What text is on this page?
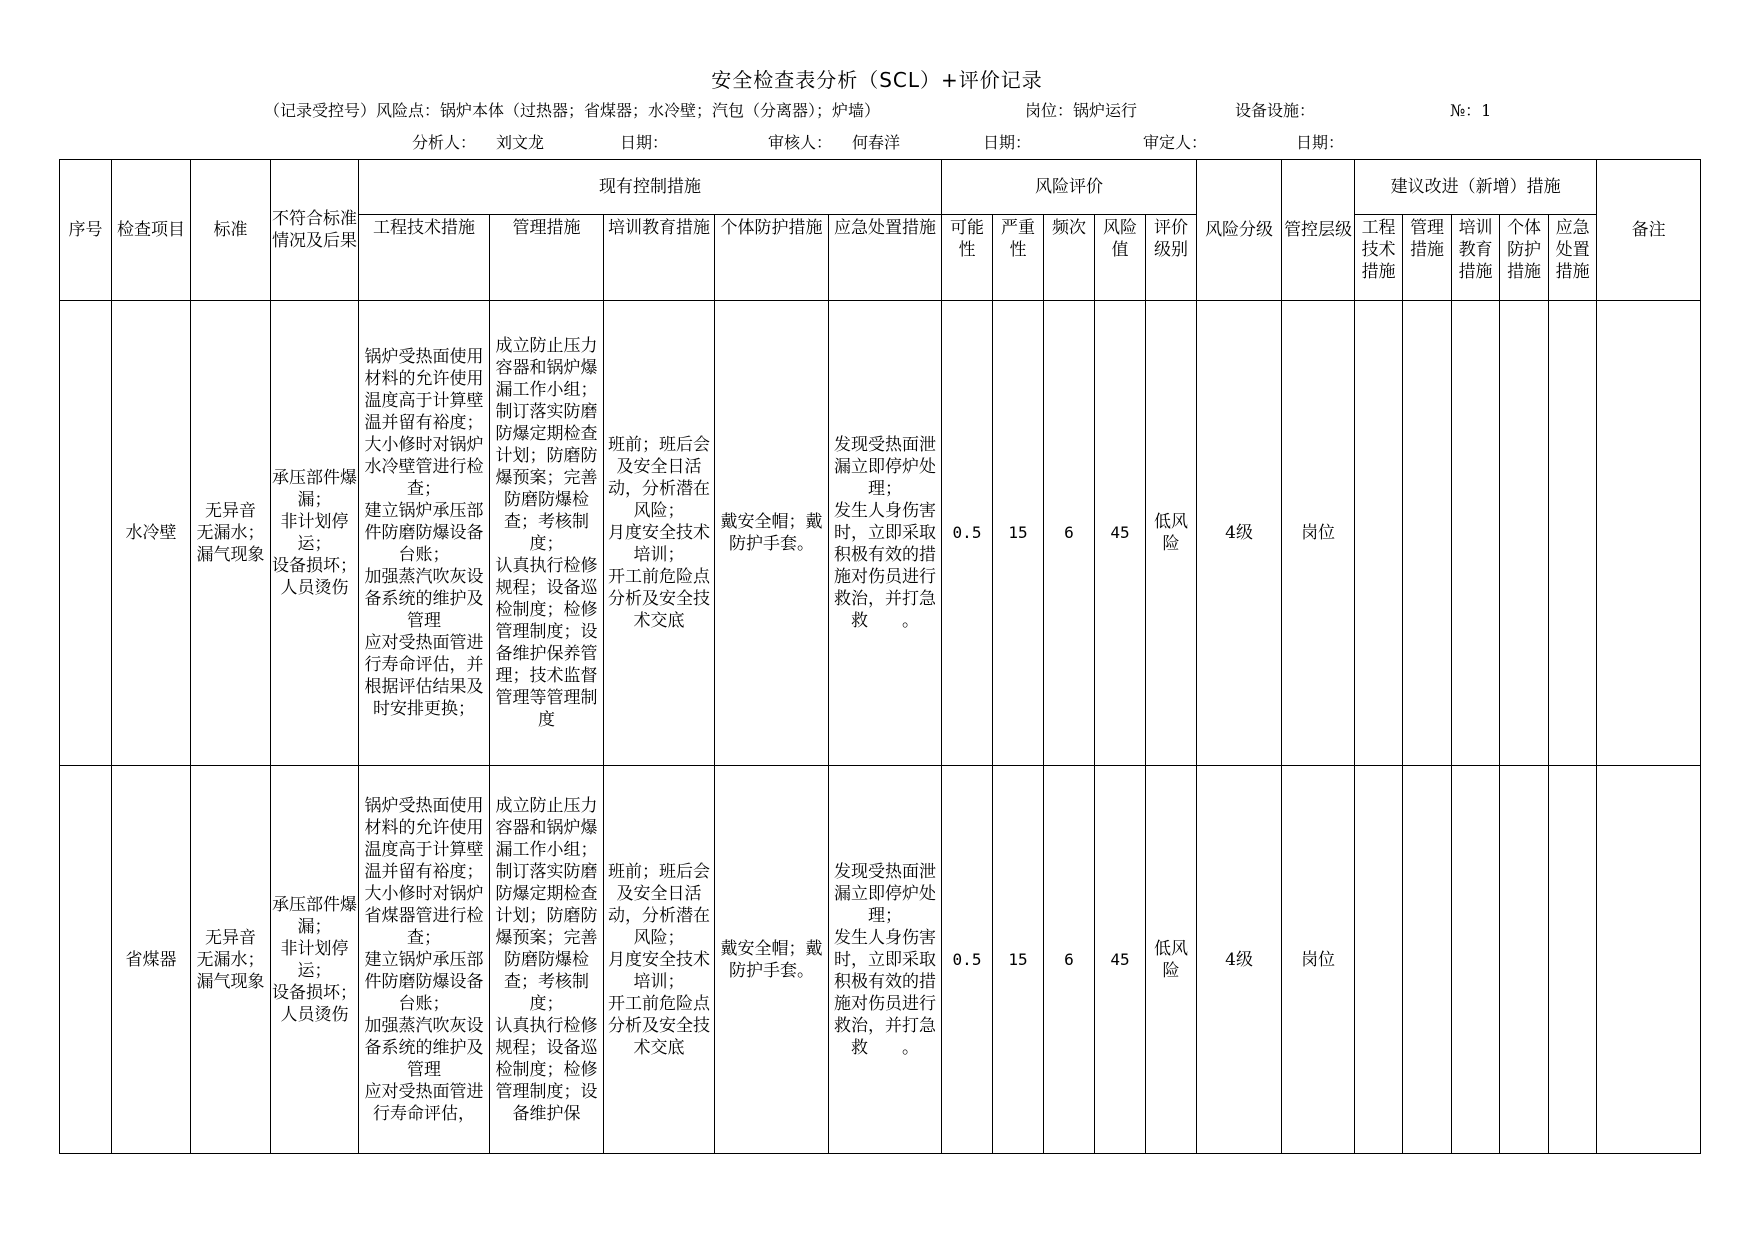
安全检查表分析（SCL）+评价记录
（记录受控号）风险点：锅炉本体（过热器；省煤器；水冷壁；汽包（分离器）；炉墙）	岗位：锅炉运行	设备设施：	№：1
分析人： 刘文龙	日期：	审核人： 何春洋	日期：	审定人：	日期：
序号	检查项目	标准	不符合标准情况及后果	现有控制措施					风险评价					风险分级	管控层级	建议改进（新增）措施					备注
				工程技术措施	管理措施	培训教育措施	个体防护措施	应急处置措施	可能性	严重性	频次	风险值	评价级别			工程技术措施	管理措施	培训教育措施	个体防护措施	应急处置措施	
	水冷壁	无异音
无漏水；
漏气现象	承压部件爆漏；
非计划停运；
设备损坏；
人员烫伤	锅炉受热面使用材料的允许使用温度高于计算壁温并留有裕度；
大小修时对锅炉水冷壁管进行检查；
建立锅炉承压部件防磨防爆设备台账；
加强蒸汽吹灰设备系统的维护及管理
应对受热面管进行寿命评估，并根据评估结果及时安排更换；	成立防止压力容器和锅炉爆漏工作小组；
制订落实防磨防爆定期检查计划；防磨防爆预案；完善防磨防爆检查；考核制度；
认真执行检修规程；设备巡检制度；检修管理制度；设备维护保养管理；技术监督管理等管理制度	班前；班后会及安全日活动，分析潜在风险；
月度安全技术培训；
开工前危险点分析及安全技术交底	戴安全帽；戴防护手套。	发现受热面泄漏立即停炉处理；
发生人身伤害时，立即采取积极有效的措施对伤员进行救治，并打急救　　。	0.5	15	6	45	低风险	4级	岗位						
	省煤器	无异音
无漏水；
漏气现象	承压部件爆漏；
非计划停运；
设备损坏；
人员烫伤	锅炉受热面使用材料的允许使用温度高于计算壁温并留有裕度；
大小修时对锅炉省煤器管进行检查；
建立锅炉承压部件防磨防爆设备台账；
加强蒸汽吹灰设备系统的维护及管理
应对受热面管进行寿命评估，	成立防止压力容器和锅炉爆漏工作小组；
制订落实防磨防爆定期检查计划；防磨防爆预案；完善防磨防爆检查；考核制度；
认真执行检修规程；设备巡检制度；检修管理制度；设备维护保	班前；班后会及安全日活动，分析潜在风险；
月度安全技术培训；
开工前危险点分析及安全技术交底	戴安全帽；戴防护手套。	发现受热面泄漏立即停炉处理；
发生人身伤害时，立即采取积极有效的措施对伤员进行救治，并打急救　　。	0.5	15	6	45	低风险	4级	岗位						
